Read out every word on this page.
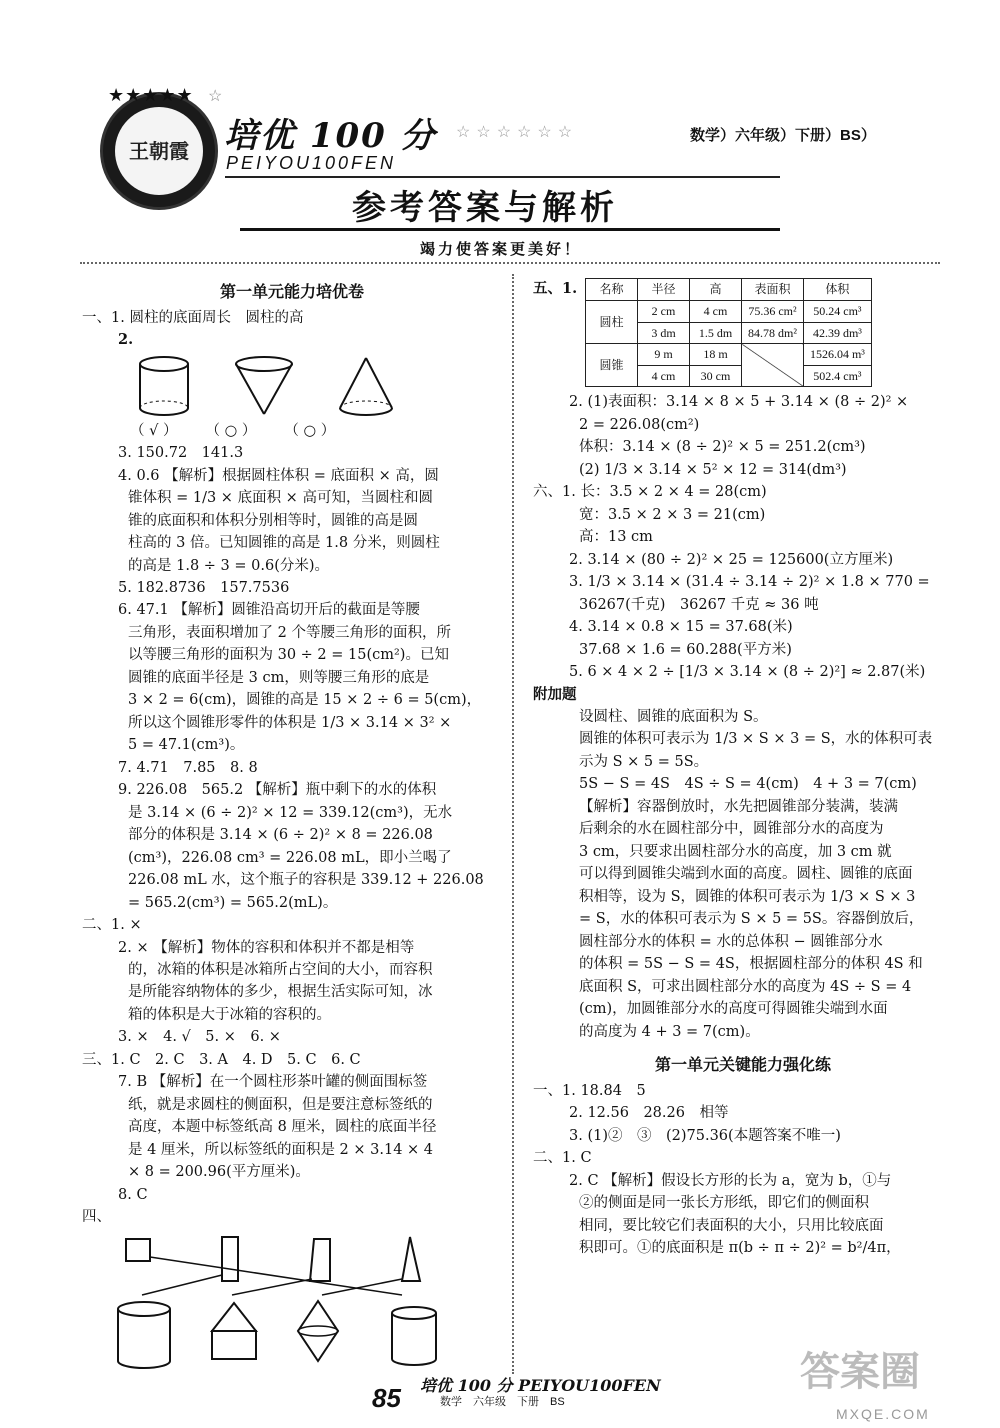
王朝霞
★★★★★ ☆
培优 100 分 ☆☆☆☆☆☆
PEIYOU100FEN
数学）六年级）下册）BS）
参考答案与解析
竭力使答案更美好！
第一单元能力培优卷
一、1. 圆柱的底面周长　圆柱的高
2.
（ √ ） （ ○ ） （ ○ ）
3. 150.72　141.3
4. 0.6 【解析】根据圆柱体积 = 底面积 × 高，圆
锥体积 = 1/3 × 底面积 × 高可知，当圆柱和圆
锥的底面积和体积分别相等时，圆锥的高是圆
柱高的 3 倍。已知圆锥的高是 1.8 分米，则圆柱
的高是 1.8 ÷ 3 = 0.6(分米)。
5. 182.8736　157.7536
6. 47.1 【解析】圆锥沿高切开后的截面是等腰
三角形，表面积增加了 2 个等腰三角形的面积，所
以等腰三角形的面积为 30 ÷ 2 = 15(cm²)。已知
圆锥的底面半径是 3 cm，则等腰三角形的底是
3 × 2 = 6(cm)，圆锥的高是 15 × 2 ÷ 6 = 5(cm)，
所以这个圆锥形零件的体积是 1/3 × 3.14 × 3² ×
5 = 47.1(cm³)。
7. 4.71　7.85　8. 8
9. 226.08　565.2 【解析】瓶中剩下的水的体积
是 3.14 × (6 ÷ 2)² × 12 = 339.12(cm³)，无水
部分的体积是 3.14 × (6 ÷ 2)² × 8 = 226.08
(cm³)，226.08 cm³ = 226.08 mL，即小兰喝了
226.08 mL 水，这个瓶子的容积是 339.12 + 226.08
= 565.2(cm³) = 565.2(mL)。
二、1. ×
2. × 【解析】物体的容积和体积并不都是相等
的，冰箱的体积是冰箱所占空间的大小，而容积
是所能容纳物体的多少，根据生活实际可知，冰
箱的体积是大于冰箱的容积的。
3. ×　4. √　5. ×　6. ×
三、1. C　2. C　3. A　4. D　5. C　6. C
7. B 【解析】在一个圆柱形茶叶罐的侧面围标签
纸，就是求圆柱的侧面积，但是要注意标签纸的
高度，本题中标签纸高 8 厘米，圆柱的底面半径
是 4 厘米，所以标签纸的面积是 2 × 3.14 × 4
× 8 = 200.96(平方厘米)。
8. C
四、
五、1.	名称	半径	高	表面积	体积
圆柱	2 cm	4 cm	75.36 cm²	50.24 cm³
	3 dm	1.5 dm	84.78 dm²	42.39 dm³
圆锥	9 m	18 m		1526.04 m³
	4 cm	30 cm		502.4 cm³
2. (1)表面积：3.14 × 8 × 5 + 3.14 × (8 ÷ 2)² ×
2 = 226.08(cm²)
体积：3.14 × (8 ÷ 2)² × 5 = 251.2(cm³)
(2) 1/3 × 3.14 × 5² × 12 = 314(dm³)
六、1. 长：3.5 × 2 × 4 = 28(cm)
宽：3.5 × 2 × 3 = 21(cm)
高：13 cm
2. 3.14 × (80 ÷ 2)² × 25 = 125600(立方厘米)
3. 1/3 × 3.14 × (31.4 ÷ 3.14 ÷ 2)² × 1.8 × 770 =
36267(千克)　36267 千克 ≈ 36 吨
4. 3.14 × 0.8 × 15 = 37.68(米)
37.68 × 1.6 = 60.288(平方米)
5. 6 × 4 × 2 ÷ [1/3 × 3.14 × (8 ÷ 2)²] ≈ 2.87(米)
附加题
设圆柱、圆锥的底面积为 S。
圆锥的体积可表示为 1/3 × S × 3 = S，水的体积可表
示为 S × 5 = 5S。
5S − S = 4S　4S ÷ S = 4(cm)　4 + 3 = 7(cm)
【解析】容器倒放时，水先把圆锥部分装满，装满
后剩余的水在圆柱部分中，圆锥部分水的高度为
3 cm，只要求出圆柱部分水的高度，加 3 cm 就
可以得到圆锥尖端到水面的高度。圆柱、圆锥的底面
积相等，设为 S，圆锥的体积可表示为 1/3 × S × 3
= S，水的体积可表示为 S × 5 = 5S。容器倒放后，
圆柱部分水的体积 = 水的总体积 − 圆锥部分水
的体积 = 5S − S = 4S，根据圆柱部分的体积 4S 和
底面积 S，可求出圆柱部分水的高度为 4S ÷ S = 4
(cm)，加圆锥部分水的高度可得圆锥尖端到水面
的高度为 4 + 3 = 7(cm)。
第一单元关键能力强化练
一、1. 18.84　5
2. 12.56　28.26　相等
3. (1)②　③　(2)75.36(本题答案不唯一)
二、1. C
2. C 【解析】假设长方形的长为 a，宽为 b，①与
②的侧面是同一张长方形纸，即它们的侧面积
相同，要比较它们表面积的大小，只用比较底面
积即可。①的底面积是 π(b ÷ π ÷ 2)² = b²/4π，
85 培优 100 分 PEIYOU100FEN
数学　六年级　下册　BS
答案圈
MXQE.COM
